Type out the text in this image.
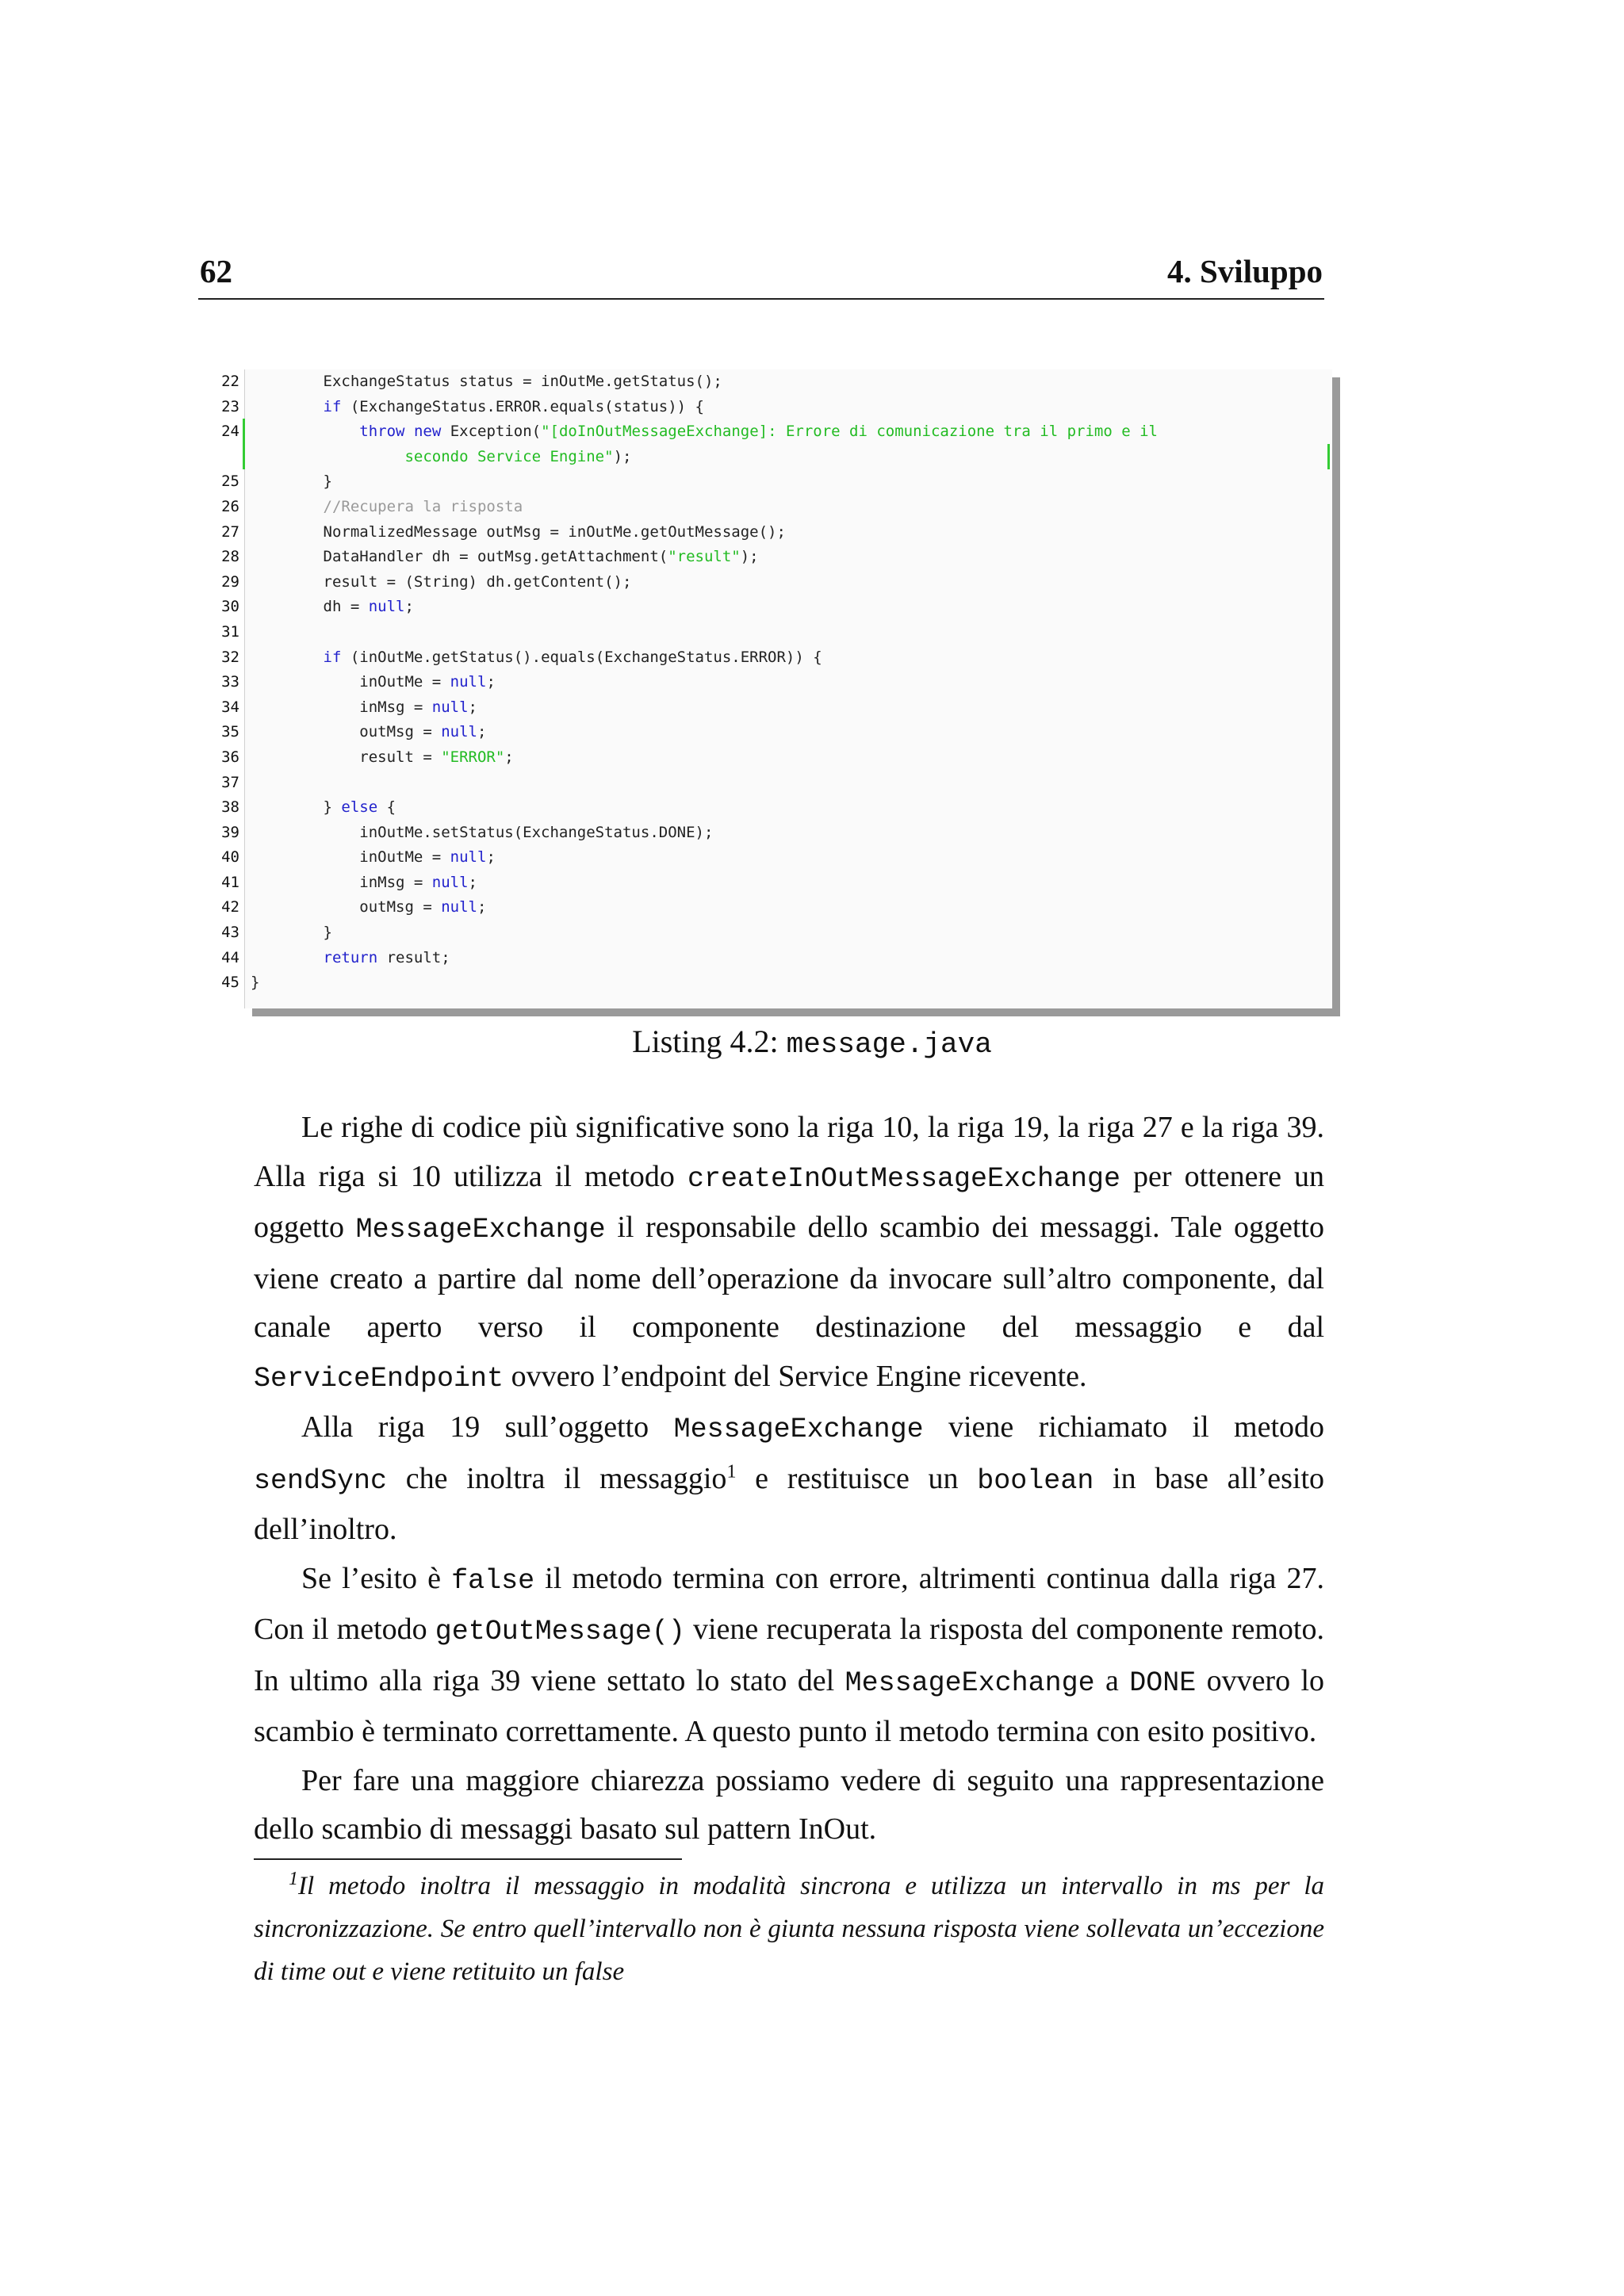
62	4. Sviluppo
22
23
24
25
26
27
28
29
30
31
32
33
34
35
36
37
38
39
40
41
42
43
44
45
ExchangeStatus status = inOutMe.getStatus();
if (ExchangeStatus.ERROR.equals(status)) {
throw new Exception("[doInOutMessageExchange]: Errore di comunicazione tra il primo e il
secondo Service Engine");
}
//Recupera la risposta
NormalizedMessage outMsg = inOutMe.getOutMessage();
DataHandler dh = outMsg.getAttachment("result");
result = (String) dh.getContent();
dh = null;
if (inOutMe.getStatus().equals(ExchangeStatus.ERROR)) {
inOutMe = null;
inMsg = null;
outMsg = null;
result = "ERROR";
} else {
inOutMe.setStatus(ExchangeStatus.DONE);
inOutMe = null;
inMsg = null;
outMsg = null;
}
return result;
}
Listing 4.2: message.java

Le righe di codice più significative sono la riga 10, la riga 19, la riga 27 e la riga 39. Alla riga si 10 utilizza il metodo createInOutMessageExchange per ottenere un oggetto MessageExchange il responsabile dello scambio dei messaggi. Tale oggetto viene creato a partire dal nome dell’operazione da invocare sull’altro componente, dal canale aperto verso il componente destinazione del messaggio e dal ServiceEndpoint ovvero l’endpoint del Service Engine ricevente.

Alla riga 19 sull’oggetto MessageExchange viene richiamato il metodo sendSync che inoltra il messaggio$^1$ e restituisce un boolean in base all’esito dell’inoltro.

Se l’esito è false il metodo termina con errore, altrimenti continua dalla riga 27. Con il metodo getOutMessage() viene recuperata la risposta del componente remoto. In ultimo alla riga 39 viene settato lo stato del MessageExchange a DONE ovvero lo scambio è terminato correttamente. A questo punto il metodo termina con esito positivo.

Per fare una maggiore chiarezza possiamo vedere di seguito una rappresentazione dello scambio di messaggi basato sul pattern InOut.

$^1$Il metodo inoltra il messaggio in modalità sincrona e utilizza un intervallo in ms per la sincronizzazione. Se entro quell’intervallo non è giunta nessuna risposta viene sollevata un’eccezione di time out e viene retituito un false
